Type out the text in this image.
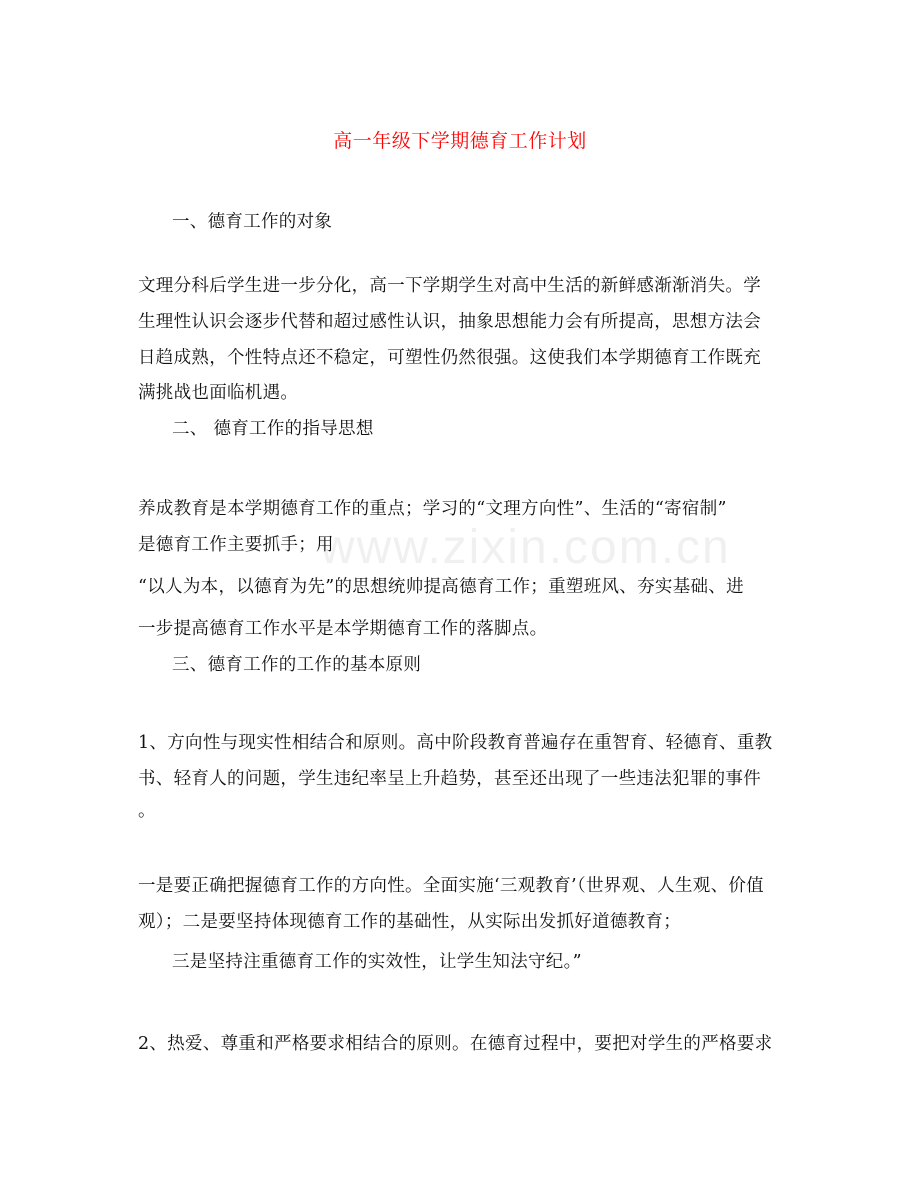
www.zixin.com.cn
高一年级下学期德育工作计划
一、德育工作的对象
文理分科后学生进一步分化，高一下学期学生对高中生活的新鲜感渐渐消失。学
生理性认识会逐步代替和超过感性认识，抽象思想能力会有所提高，思想方法会
日趋成熟，个性特点还不稳定，可塑性仍然很强。这使我们本学期德育工作既充
满挑战也面临机遇。
二、 德育工作的指导思想
养成教育是本学期德育工作的重点；学习的“文理方向性”、生活的“寄宿制”
是德育工作主要抓手；用
“以人为本，以德育为先”的思想统帅提高德育工作；重塑班风、夯实基础、进
一步提高德育工作水平是本学期德育工作的落脚点。
三、德育工作的工作的基本原则
1、方向性与现实性相结合和原则。高中阶段教育普遍存在重智育、轻德育、重教
书、轻育人的问题，学生违纪率呈上升趋势，甚至还出现了一些违法犯罪的事件
。
一是要正确把握德育工作的方向性。全面实施‘三观教育’（世界观、人生观、价值
观）；二是要坚持体现德育工作的基础性，从实际出发抓好道德教育；
三是坚持注重德育工作的实效性，让学生知法守纪。”
2、热爱、尊重和严格要求相结合的原则。在德育过程中，要把对学生的严格要求
